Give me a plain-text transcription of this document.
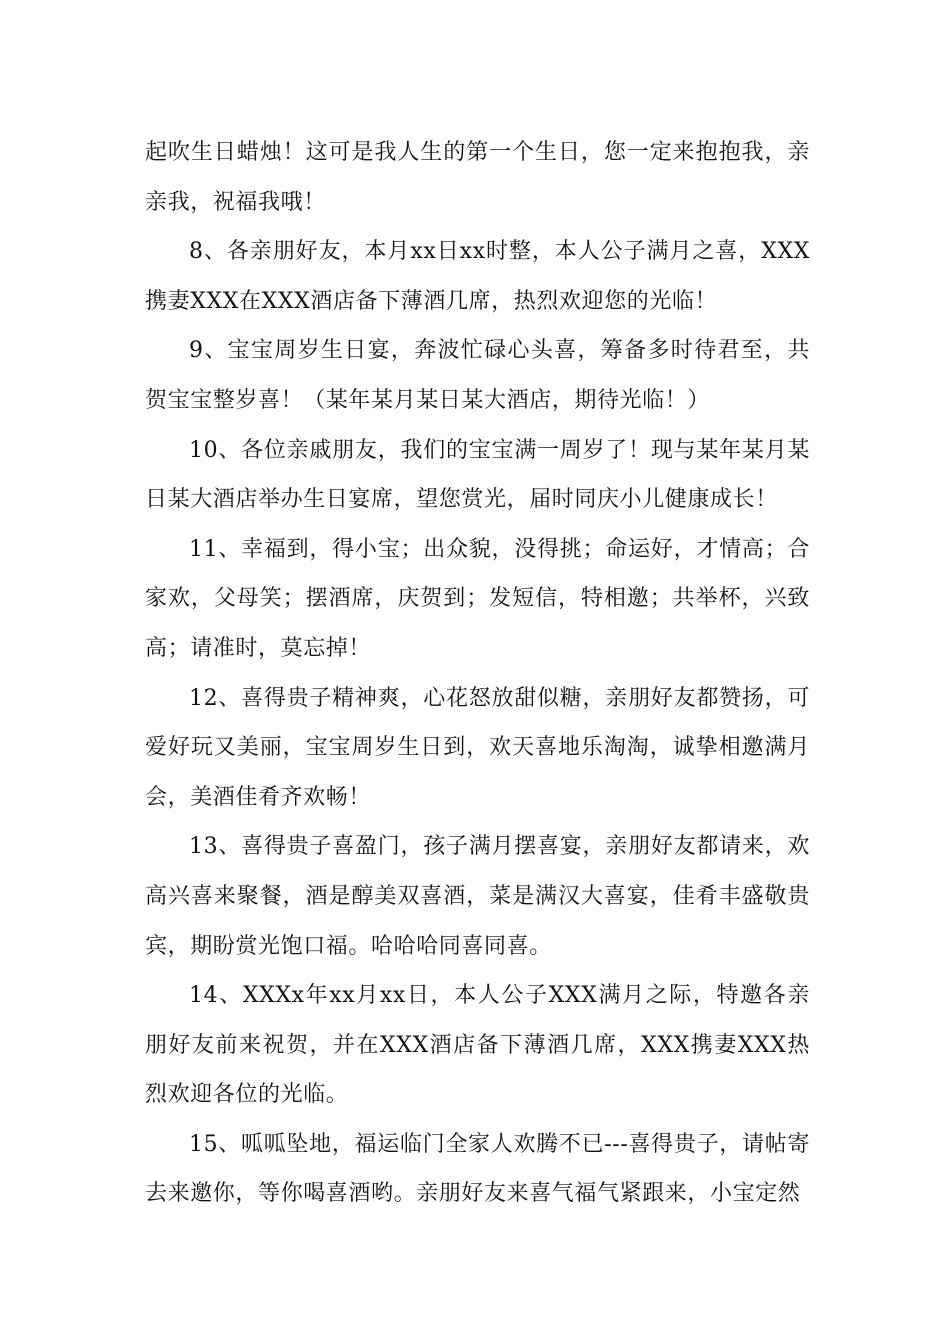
起吹生日蜡烛！这可是我人生的第一个生日，您一定来抱抱我，亲亲我，祝福我哦！

8、各亲朋好友，本月xx日xx时整，本人公子满月之喜，XXX携妻XXX在XXX酒店备下薄酒几席，热烈欢迎您的光临！

9、宝宝周岁生日宴，奔波忙碌心头喜，筹备多时待君至，共贺宝宝整岁喜！（某年某月某日某大酒店，期待光临！）

10、各位亲戚朋友，我们的宝宝满一周岁了！现与某年某月某日某大酒店举办生日宴席，望您赏光，届时同庆小儿健康成长！

11、幸福到，得小宝；出众貌，没得挑；命运好，才情高；合家欢，父母笑；摆酒席，庆贺到；发短信，特相邀；共举杯，兴致高；请准时，莫忘掉！

12、喜得贵子精神爽，心花怒放甜似糖，亲朋好友都赞扬，可爱好玩又美丽，宝宝周岁生日到，欢天喜地乐淘淘，诚挚相邀满月会，美酒佳肴齐欢畅！

13、喜得贵子喜盈门，孩子满月摆喜宴，亲朋好友都请来，欢高兴喜来聚餐，酒是醇美双喜酒，菜是满汉大喜宴，佳肴丰盛敬贵宾，期盼赏光饱口福。哈哈哈同喜同喜。

14、XXXx年xx月xx日，本人公子XXX满月之际，特邀各亲朋好友前来祝贺，并在XXX酒店备下薄酒几席，XXX携妻XXX热烈欢迎各位的光临。

15、呱呱坠地，福运临门全家人欢腾不已---喜得贵子，请帖寄去来邀你，等你喝喜酒哟。亲朋好友来喜气福气紧跟来，小宝定然
